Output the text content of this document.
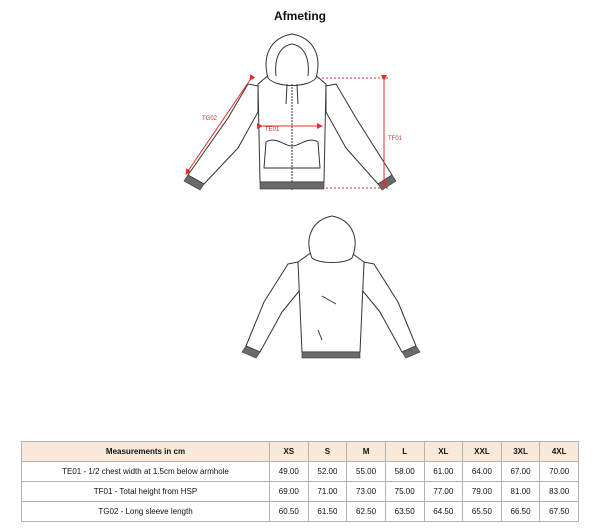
Afmeting
TG02
TE01
TF01
Measurements in cm	XS	S	M	L	XL	XXL	3XL	4XL
TE01 - 1/2 chest width at 1.5cm below armhole	49.00	52.00	55.00	58.00	61.00	64.00	67.00	70.00
TF01 - Total height from HSP	69.00	71.00	73.00	75.00	77.00	79.00	81.00	83.00
TG02 - Long sleeve length	60.50	61.50	62.50	63.50	64.50	65.50	66.50	67.50
